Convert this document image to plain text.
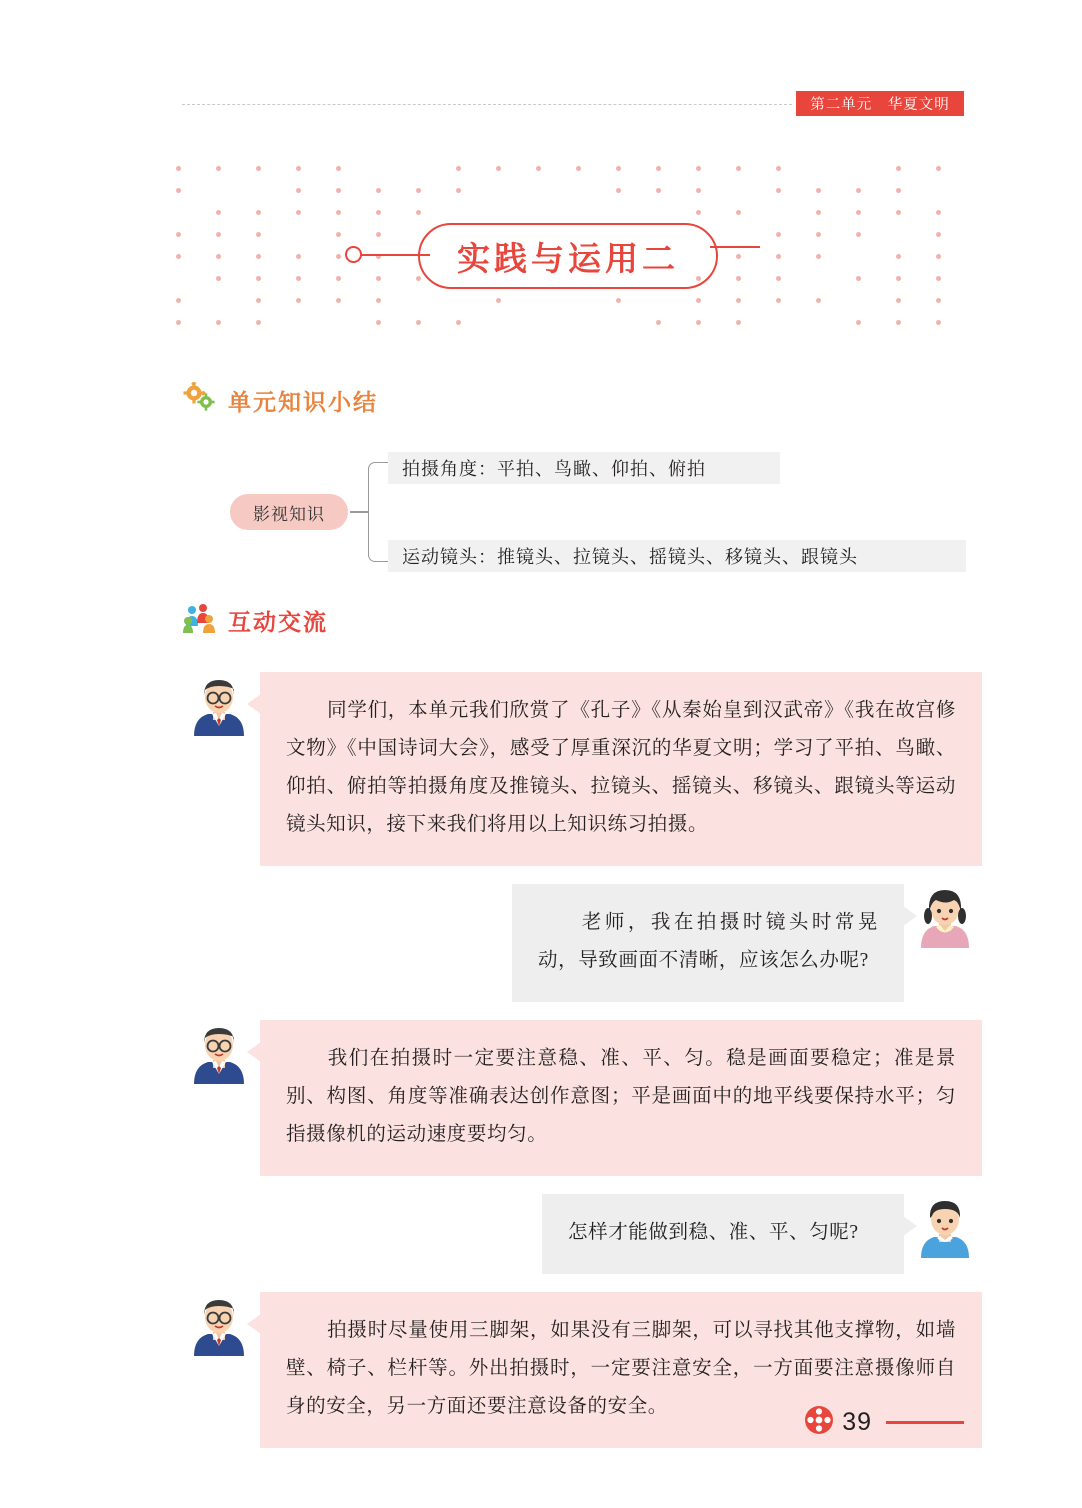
第二单元　华夏文明
实践与运用二
单元知识小结
影视知识
拍摄角度： 平拍、鸟瞰、仰拍、俯拍
运动镜头： 推镜头、拉镜头、摇镜头、移镜头、跟镜头
互动交流
同学们，本单元我们欣赏了《孔子》《从秦始皇到汉武帝》《我在故宫修文物》《中国诗词大会》，感受了厚重深沉的华夏文明；学习了平拍、鸟瞰、仰拍、俯拍等拍摄角度及推镜头、拉镜头、摇镜头、移镜头、跟镜头等运动镜头知识，接下来我们将用以上知识练习拍摄。
老师，我在拍摄时镜头时常晃动，导致画面不清晰，应该怎么办呢?
我们在拍摄时一定要注意稳、准、平、匀。稳是画面要稳定；准是景别、构图、角度等准确表达创作意图；平是画面中的地平线要保持水平；匀指摄像机的运动速度要均匀。
怎样才能做到稳、准、平、匀呢?
拍摄时尽量使用三脚架，如果没有三脚架，可以寻找其他支撑物，如墙壁、椅子、栏杆等。外出拍摄时，一定要注意安全，一方面要注意摄像师自身的安全，另一方面还要注意设备的安全。
39
